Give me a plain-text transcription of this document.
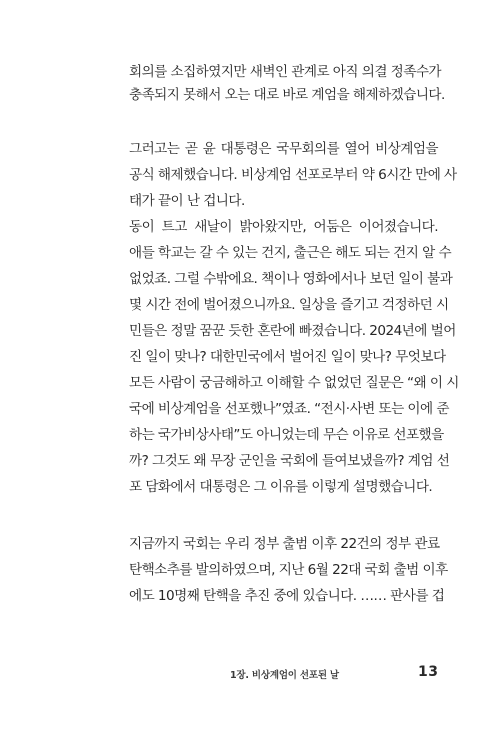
회의를 소집하였지만 새벽인 관계로 아직 의결 정족수가
충족되지 못해서 오는 대로 바로 계엄을 해제하겠습니다.
그러고는 곧 윤 대통령은 국무회의를 열어 비상계엄을
공식 해제했습니다. 비상계엄 선포로부터 약 6시간 만에 사
태가 끝이 난 겁니다.
동이 트고 새날이 밝아왔지만, 어둠은 이어졌습니다.
애들 학교는 갈 수 있는 건지, 출근은 해도 되는 건지 알 수
없었죠. 그럴 수밖에요. 책이나 영화에서나 보던 일이 불과
몇 시간 전에 벌어졌으니까요. 일상을 즐기고 걱정하던 시
민들은 정말 꿈꾼 듯한 혼란에 빠졌습니다. 2024년에 벌어
진 일이 맞나? 대한민국에서 벌어진 일이 맞나? 무엇보다
모든 사람이 궁금해하고 이해할 수 없었던 질문은 “왜 이 시
국에 비상계엄을 선포했나”였죠. “전시·사변 또는 이에 준
하는 국가비상사태”도 아니었는데 무슨 이유로 선포했을
까? 그것도 왜 무장 군인을 국회에 들여보냈을까? 계엄 선
포 담화에서 대통령은 그 이유를 이렇게 설명했습니다.
지금까지 국회는 우리 정부 출범 이후 22건의 정부 관료
탄핵소추를 발의하였으며, 지난 6월 22대 국회 출범 이후
에도 10명째 탄핵을 추진 중에 있습니다. …… 판사를 겁
1장. 비상계엄이 선포된 날	13
